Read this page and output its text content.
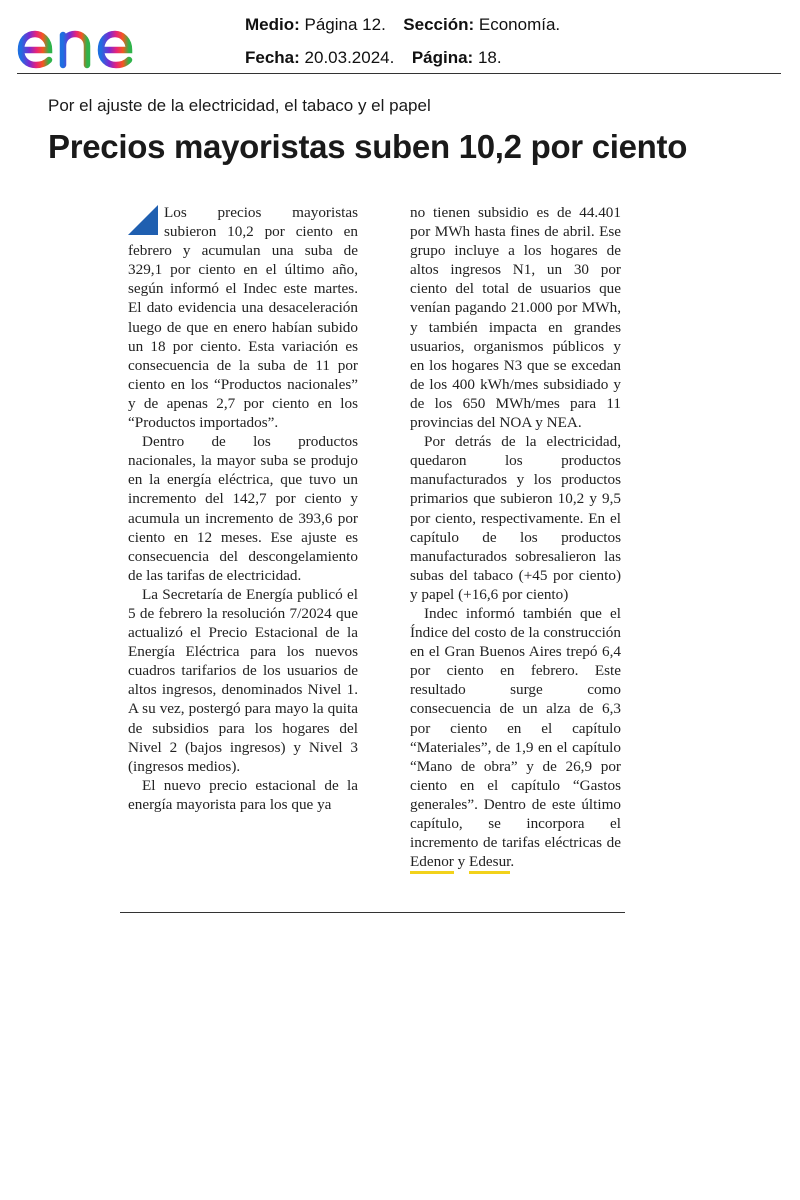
Medio: Página 12. Sección: Economía.
Fecha: 20.03.2024. Página: 18.
Por el ajuste de la electricidad, el tabaco y el papel
Precios mayoristas suben 10,2 por ciento

Los precios mayoristas subieron 10,2 por ciento en febrero y acumulan una suba de 329,1 por ciento en el último año, según informó el Indec este martes. El dato evidencia una desaceleración luego de que en enero habían subido un 18 por ciento. Esta variación es consecuencia de la suba de 11 por ciento en los “Productos nacionales” y de apenas 2,7 por ciento en los “Productos importados”.

Dentro de los productos nacionales, la mayor suba se produjo en la energía eléctrica, que tuvo un incremento del 142,7 por ciento y acumula un incremento de 393,6 por ciento en 12 meses. Ese ajuste es consecuencia del descongelamiento de las tarifas de electricidad.

La Secretaría de Energía publicó el 5 de febrero la resolución 7/2024 que actualizó el Precio Estacional de la Energía Eléctrica para los nuevos cuadros tarifarios de los usuarios de altos ingresos, denominados Nivel 1. A su vez, postergó para mayo la quita de subsidios para los hogares del Nivel 2 (bajos ingresos) y Nivel 3 (ingresos medios).

El nuevo precio estacional de la energía mayorista para los que ya

no tienen subsidio es de 44.401 por MWh hasta fines de abril. Ese grupo incluye a los hogares de altos ingresos N1, un 30 por ciento del total de usuarios que venían pagando 21.000 por MWh, y también impacta en grandes usuarios, organismos públicos y en los hogares N3 que se excedan de los 400 kWh/mes subsidiado y de los 650 MWh/mes para 11 provincias del NOA y NEA.

Por detrás de la electricidad, quedaron los productos manufacturados y los productos primarios que subieron 10,2 y 9,5 por ciento, respectivamente. En el capítulo de los productos manufacturados sobresalieron las subas del tabaco (+45 por ciento) y papel (+16,6 por ciento)

Indec informó también que el Índice del costo de la construcción en el Gran Buenos Aires trepó 6,4 por ciento en febrero. Este resultado surge como consecuencia de un alza de 6,3 por ciento en el capítulo “Materiales”, de 1,9 en el capítulo “Mano de obra” y de 26,9 por ciento en el capítulo “Gastos generales”. Dentro de este último capítulo, se incorpora el incremento de tarifas eléctricas de Edenor y Edesur.
